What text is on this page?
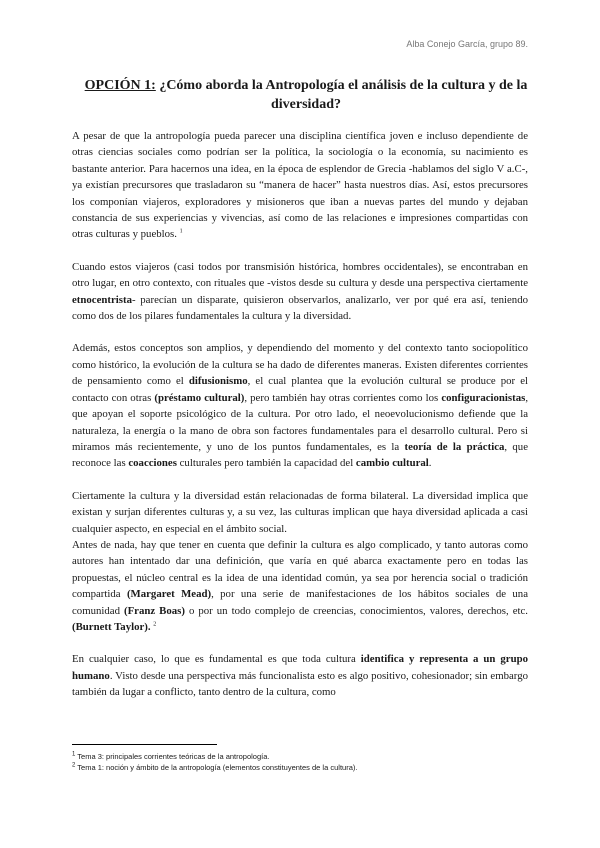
Alba Conejo García, grupo 89.
OPCIÓN 1: ¿Cómo aborda la Antropología el análisis de la cultura y de la diversidad?

A pesar de que la antropología pueda parecer una disciplina científica joven e incluso dependiente de otras ciencias sociales como podrían ser la política, la sociología o la economía, su nacimiento es bastante anterior. Para hacernos una idea, en la época de esplendor de Grecia -hablamos del siglo V a.C-, ya existían precursores que trasladaron su “manera de hacer” hasta nuestros días. Así, estos precursores los componían viajeros, exploradores y misioneros que iban a nuevas partes del mundo y dejaban constancia de sus experiencias y vivencias, así como de las relaciones e impresiones compartidas con otras culturas y pueblos. $^1$

Cuando estos viajeros (casi todos por transmisión histórica, hombres occidentales), se encontraban en otro lugar, en otro contexto, con rituales que -vistos desde su cultura y desde una perspectiva ciertamente etnocentrista- parecían un disparate, quisieron observarlos, analizarlo, ver por qué era así, teniendo como dos de los pilares fundamentales la cultura y la diversidad.

Además, estos conceptos son amplios, y dependiendo del momento y del contexto tanto sociopolítico como histórico, la evolución de la cultura se ha dado de diferentes maneras. Existen diferentes corrientes de pensamiento como el difusionismo, el cual plantea que la evolución cultural se produce por el contacto con otras (préstamo cultural), pero también hay otras corrientes como los configuracionistas, que apoyan el soporte psicológico de la cultura. Por otro lado, el neoevolucionismo defiende que la naturaleza, la energía o la mano de obra son factores fundamentales para el desarrollo cultural. Pero si miramos más recientemente, y uno de los puntos fundamentales, es la teoría de la práctica, que reconoce las coacciones culturales pero también la capacidad del cambio cultural.

Ciertamente la cultura y la diversidad están relacionadas de forma bilateral. La diversidad implica que existan y surjan diferentes culturas y, a su vez, las culturas implican que haya diversidad aplicada a casi cualquier aspecto, en especial en el ámbito social.

Antes de nada, hay que tener en cuenta que definir la cultura es algo complicado, y tanto autoras como autores han intentado dar una definición, que varía en qué abarca exactamente pero en todas las propuestas, el núcleo central es la idea de una identidad común, ya sea por herencia social o tradición compartida (Margaret Mead), por una serie de manifestaciones de los hábitos sociales de una comunidad (Franz Boas) o por un todo complejo de creencias, conocimientos, valores, derechos, etc. (Burnett Taylor). $^2$

En cualquier caso, lo que es fundamental es que toda cultura identifica y representa a un grupo humano. Visto desde una perspectiva más funcionalista esto es algo positivo, cohesionador; sin embargo también da lugar a conflicto, tanto dentro de la cultura, como

$^1$ Tema 3: principales corrientes teóricas de la antropología.
$^2$ Tema 1: noción y ámbito de la antropología (elementos constituyentes de la cultura).
